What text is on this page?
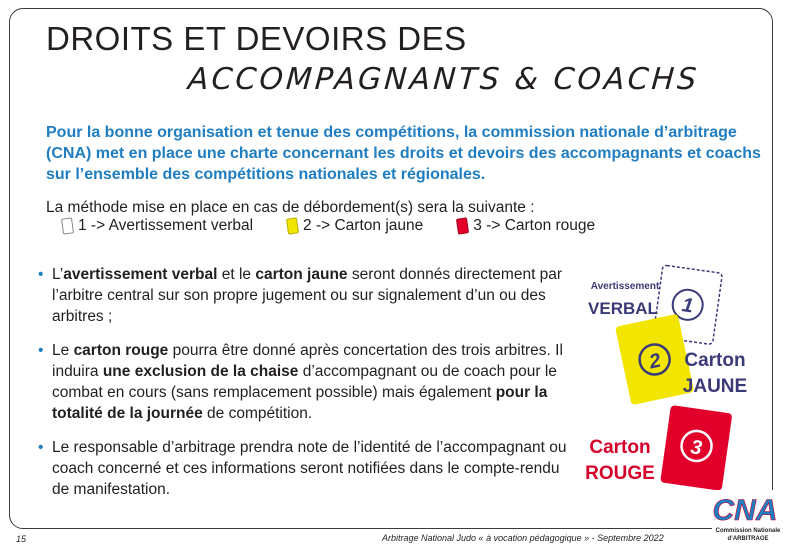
DROITS ET DEVOIRS DES
ACCOMPAGNANTS & COACHS
Pour la bonne organisation et tenue des compétitions, la commission nationale d’arbitrage (CNA) met en place une charte concernant les droits et devoirs des accompagnants et coachs sur l’ensemble des compétitions nationales et régionales.
La méthode mise en place en cas de débordement(s) sera la suivante :
1 -> Avertissement verbal	2 -> Carton jaune	3 -> Carton rouge
• L’avertissement verbal et le carton jaune seront donnés directement par l’arbitre central sur son propre jugement ou sur signalement d’un ou des arbitres ;
• Le carton rouge pourra être donné après concertation des trois arbitres. Il induira une exclusion de la chaise d’accompagnant ou de coach pour le combat en cours (sans remplacement possible) mais également pour la totalité de la journée de compétition.
• Le responsable d’arbitrage prendra note de l’identité de l’accompagnant ou coach concerné et ces informations seront notifiées dans le compte-rendu de manifestation.
1
Avertissement
VERBAL
2 Carton
JAUNE
3
Carton
ROUGE
15	Arbitrage National Judo « à vocation pédagogique » - Septembre 2022
CNA
Commission Nationale
d’ARBITRAGE
